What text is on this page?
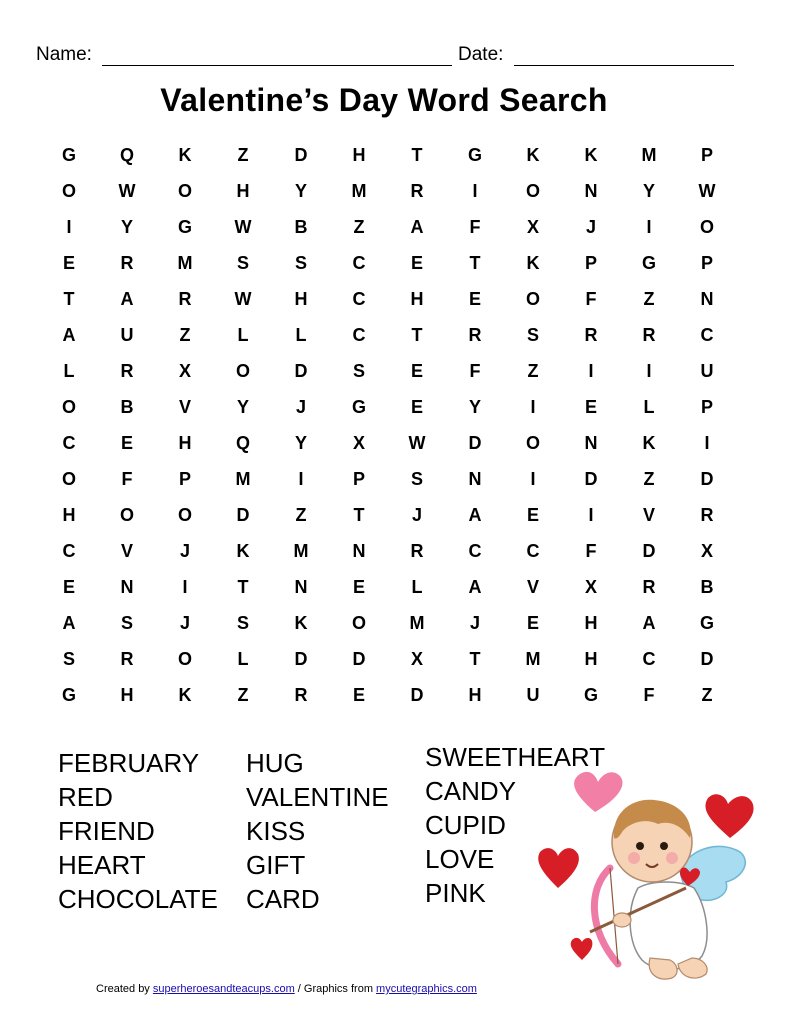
Name:	Date:
Valentine’s Day Word Search
G	Q	K	Z	D	H	T	G	K	K	M	P
O	W	O	H	Y	M	R	I	O	N	Y	W
I	Y	G	W	B	Z	A	F	X	J	I	O
E	R	M	S	S	C	E	T	K	P	G	P
T	A	R	W	H	C	H	E	O	F	Z	N
A	U	Z	L	L	C	T	R	S	R	R	C
L	R	X	O	D	S	E	F	Z	I	I	U
O	B	V	Y	J	G	E	Y	I	E	L	P
C	E	H	Q	Y	X	W	D	O	N	K	I
O	F	P	M	I	P	S	N	I	D	Z	D
H	O	O	D	Z	T	J	A	E	I	V	R
C	V	J	K	M	N	R	C	C	F	D	X
E	N	I	T	N	E	L	A	V	X	R	B
A	S	J	S	K	O	M	J	E	H	A	G
S	R	O	L	D	D	X	T	M	H	C	D
G	H	K	Z	R	E	D	H	U	G	F	Z
FEBRUARY
RED
FRIEND
HEART
CHOCOLATE
HUG
VALENTINE
KISS
GIFT
CARD
SWEETHEART
CANDY
CUPID
LOVE
PINK
Created by superheroesandteacups.com / Graphics from mycutegraphics.com
